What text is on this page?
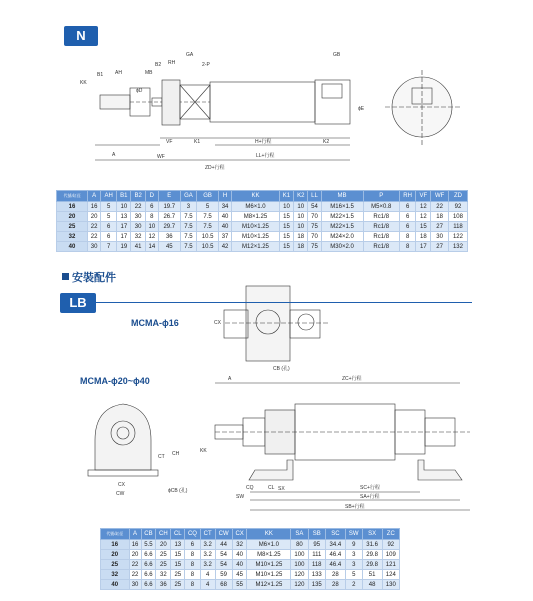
N
GA
RH	2-P
B1 AH
B2
MB
KK
ϕD
A	WF
VF	K1
GB
H+行程
LL+行程
K2
ZD+行程
ϕE
CX
CB (孔)
A	ZC+行程
CT CH	KK
CX
CW	ϕCB (孔)	CQ	CL SX	SC+行程
SA+行程
SW
SB+行程
代號/缸徑	A	AH	B1	B2	D	E	GA	GB	H	KK	K1	K2	LL	MB	P	RH	VF	WF	ZD
16	16	5	10	22	6	19.7	3	5	34	M6×1.0	10	10	54	M16×1.5	M5×0.8	6	12	22	92
20	20	5	13	30	8	26.7	7.5	7.5	40	M8×1.25	15	10	70	M22×1.5	Rc1/8	6	12	18	108
25	22	6	17	30	10	29.7	7.5	7.5	40	M10×1.25	15	10	75	M22×1.5	Rc1/8	6	15	27	118
32	22	6	17	32	12	36	7.5	10.5	37	M10×1.25	15	18	70	M24×2.0	Rc1/8	8	18	30	122
40	30	7	19	41	14	45	7.5	10.5	42	M12×1.25	15	18	75	M30×2.0	Rc1/8	8	17	27	132
安裝配件
LB
MCMA-ϕ16
MCMA-ϕ20~ϕ40
代號/缸徑	A	CB	CH	CL	CQ	CT	CW	CX	KK	SA	SB	SC	SW	SX	ZC
16	16	5.5	20	13	6	3.2	44	32	M6×1.0	80	95	34.4	9	31.6	92
20	20	6.6	25	15	8	3.2	54	40	M8×1.25	100	111	46.4	3	29.8	109
25	22	6.6	25	15	8	3.2	54	40	M10×1.25	100	118	46.4	3	29.8	121
32	22	6.6	32	25	8	4	59	45	M10×1.25	120	133	28	5	51	124
40	30	6.6	36	25	8	4	68	55	M12×1.25	120	135	28	2	48	130
